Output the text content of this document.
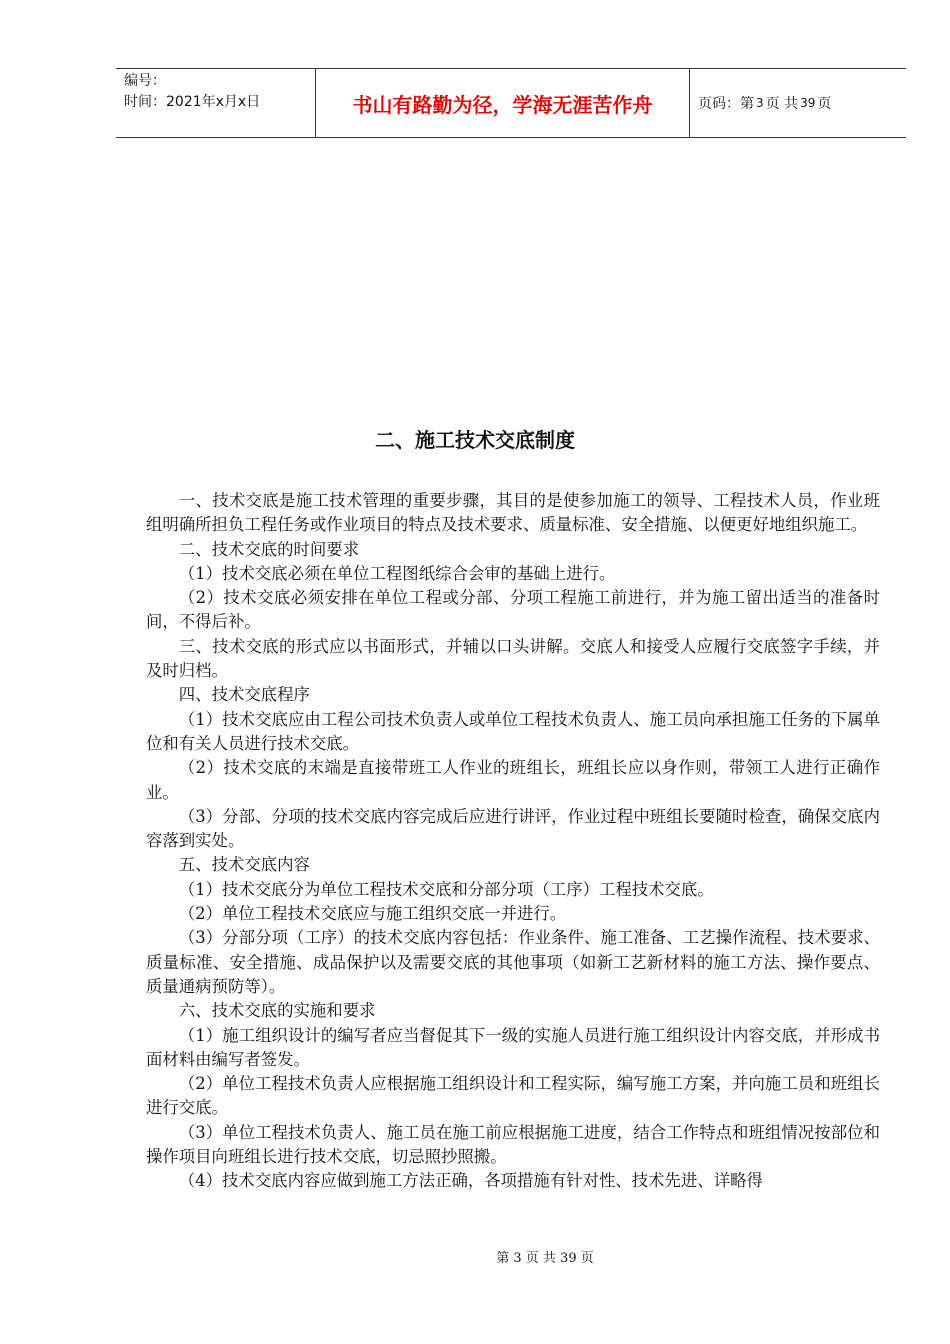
编号：
时间：2021年x月x日	书山有路勤为径，学海无涯苦作舟	页码：第 3 页 共 39 页
二、施工技术交底制度

一、技术交底是施工技术管理的重要步骤，其目的是使参加施工的领导、工程技术人员，作业班组明确所担负工程任务或作业项目的特点及技术要求、质量标准、安全措施、以便更好地组织施工。

二、技术交底的时间要求

（1）技术交底必须在单位工程图纸综合会审的基础上进行。

（2）技术交底必须安排在单位工程或分部、分项工程施工前进行，并为施工留出适当的准备时间，不得后补。

三、技术交底的形式应以书面形式，并辅以口头讲解。交底人和接受人应履行交底签字手续，并及时归档。

四、技术交底程序

（1）技术交底应由工程公司技术负责人或单位工程技术负责人、施工员向承担施工任务的下属单位和有关人员进行技术交底。

（2）技术交底的末端是直接带班工人作业的班组长，班组长应以身作则，带领工人进行正确作业。

（3）分部、分项的技术交底内容完成后应进行讲评，作业过程中班组长要随时检查，确保交底内容落到实处。

五、技术交底内容

（1）技术交底分为单位工程技术交底和分部分项（工序）工程技术交底。

（2）单位工程技术交底应与施工组织交底一并进行。

（3）分部分项（工序）的技术交底内容包括：作业条件、施工准备、工艺操作流程、技术要求、质量标准、安全措施、成品保护以及需要交底的其他事项（如新工艺新材料的施工方法、操作要点、质量通病预防等）。

六、技术交底的实施和要求

（1）施工组织设计的编写者应当督促其下一级的实施人员进行施工组织设计内容交底，并形成书面材料由编写者签发。

（2）单位工程技术负责人应根据施工组织设计和工程实际，编写施工方案，并向施工员和班组长进行交底。

（3）单位工程技术负责人、施工员在施工前应根据施工进度，结合工作特点和班组情况按部位和操作项目向班组长进行技术交底，切忌照抄照搬。

（4）技术交底内容应做到施工方法正确，各项措施有针对性、技术先进、详略得

第 3 页 共 39 页
